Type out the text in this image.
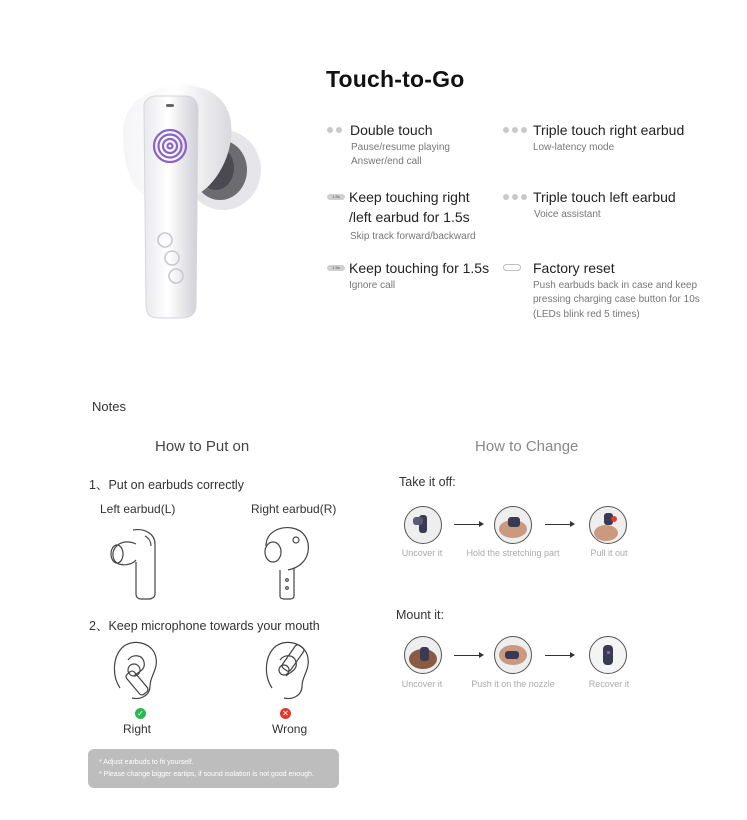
Touch-to-Go
Double touch
Pause/resume playing
Answer/end call
Triple touch right earbud
Low-latency mode
1.5s Keep touching right
/left earbud for 1.5s
Skip track forward/backward
Triple touch left earbud
Voice assistant
1.5s Keep touching for 1.5s
Ignore call
Factory reset
Push earbuds back in case and keep
pressing charging case button for 10s
(LEDs blink red 5 times)
Notes
How to Put on	How to Change
1、Put on earbuds correctly
Left earbud(L)	Right earbud(R)
2、Keep microphone towards your mouth
✓
Right
✕
Wrong
* Adjust earbuds to fit yourself.
* Please change bigger eartips, if sound isolation is not good enough.
Take it off:
Uncover it	Hold the stretching part	Pull it out
Mount it:
Uncover it	Push it on the nozzle	Recover it
